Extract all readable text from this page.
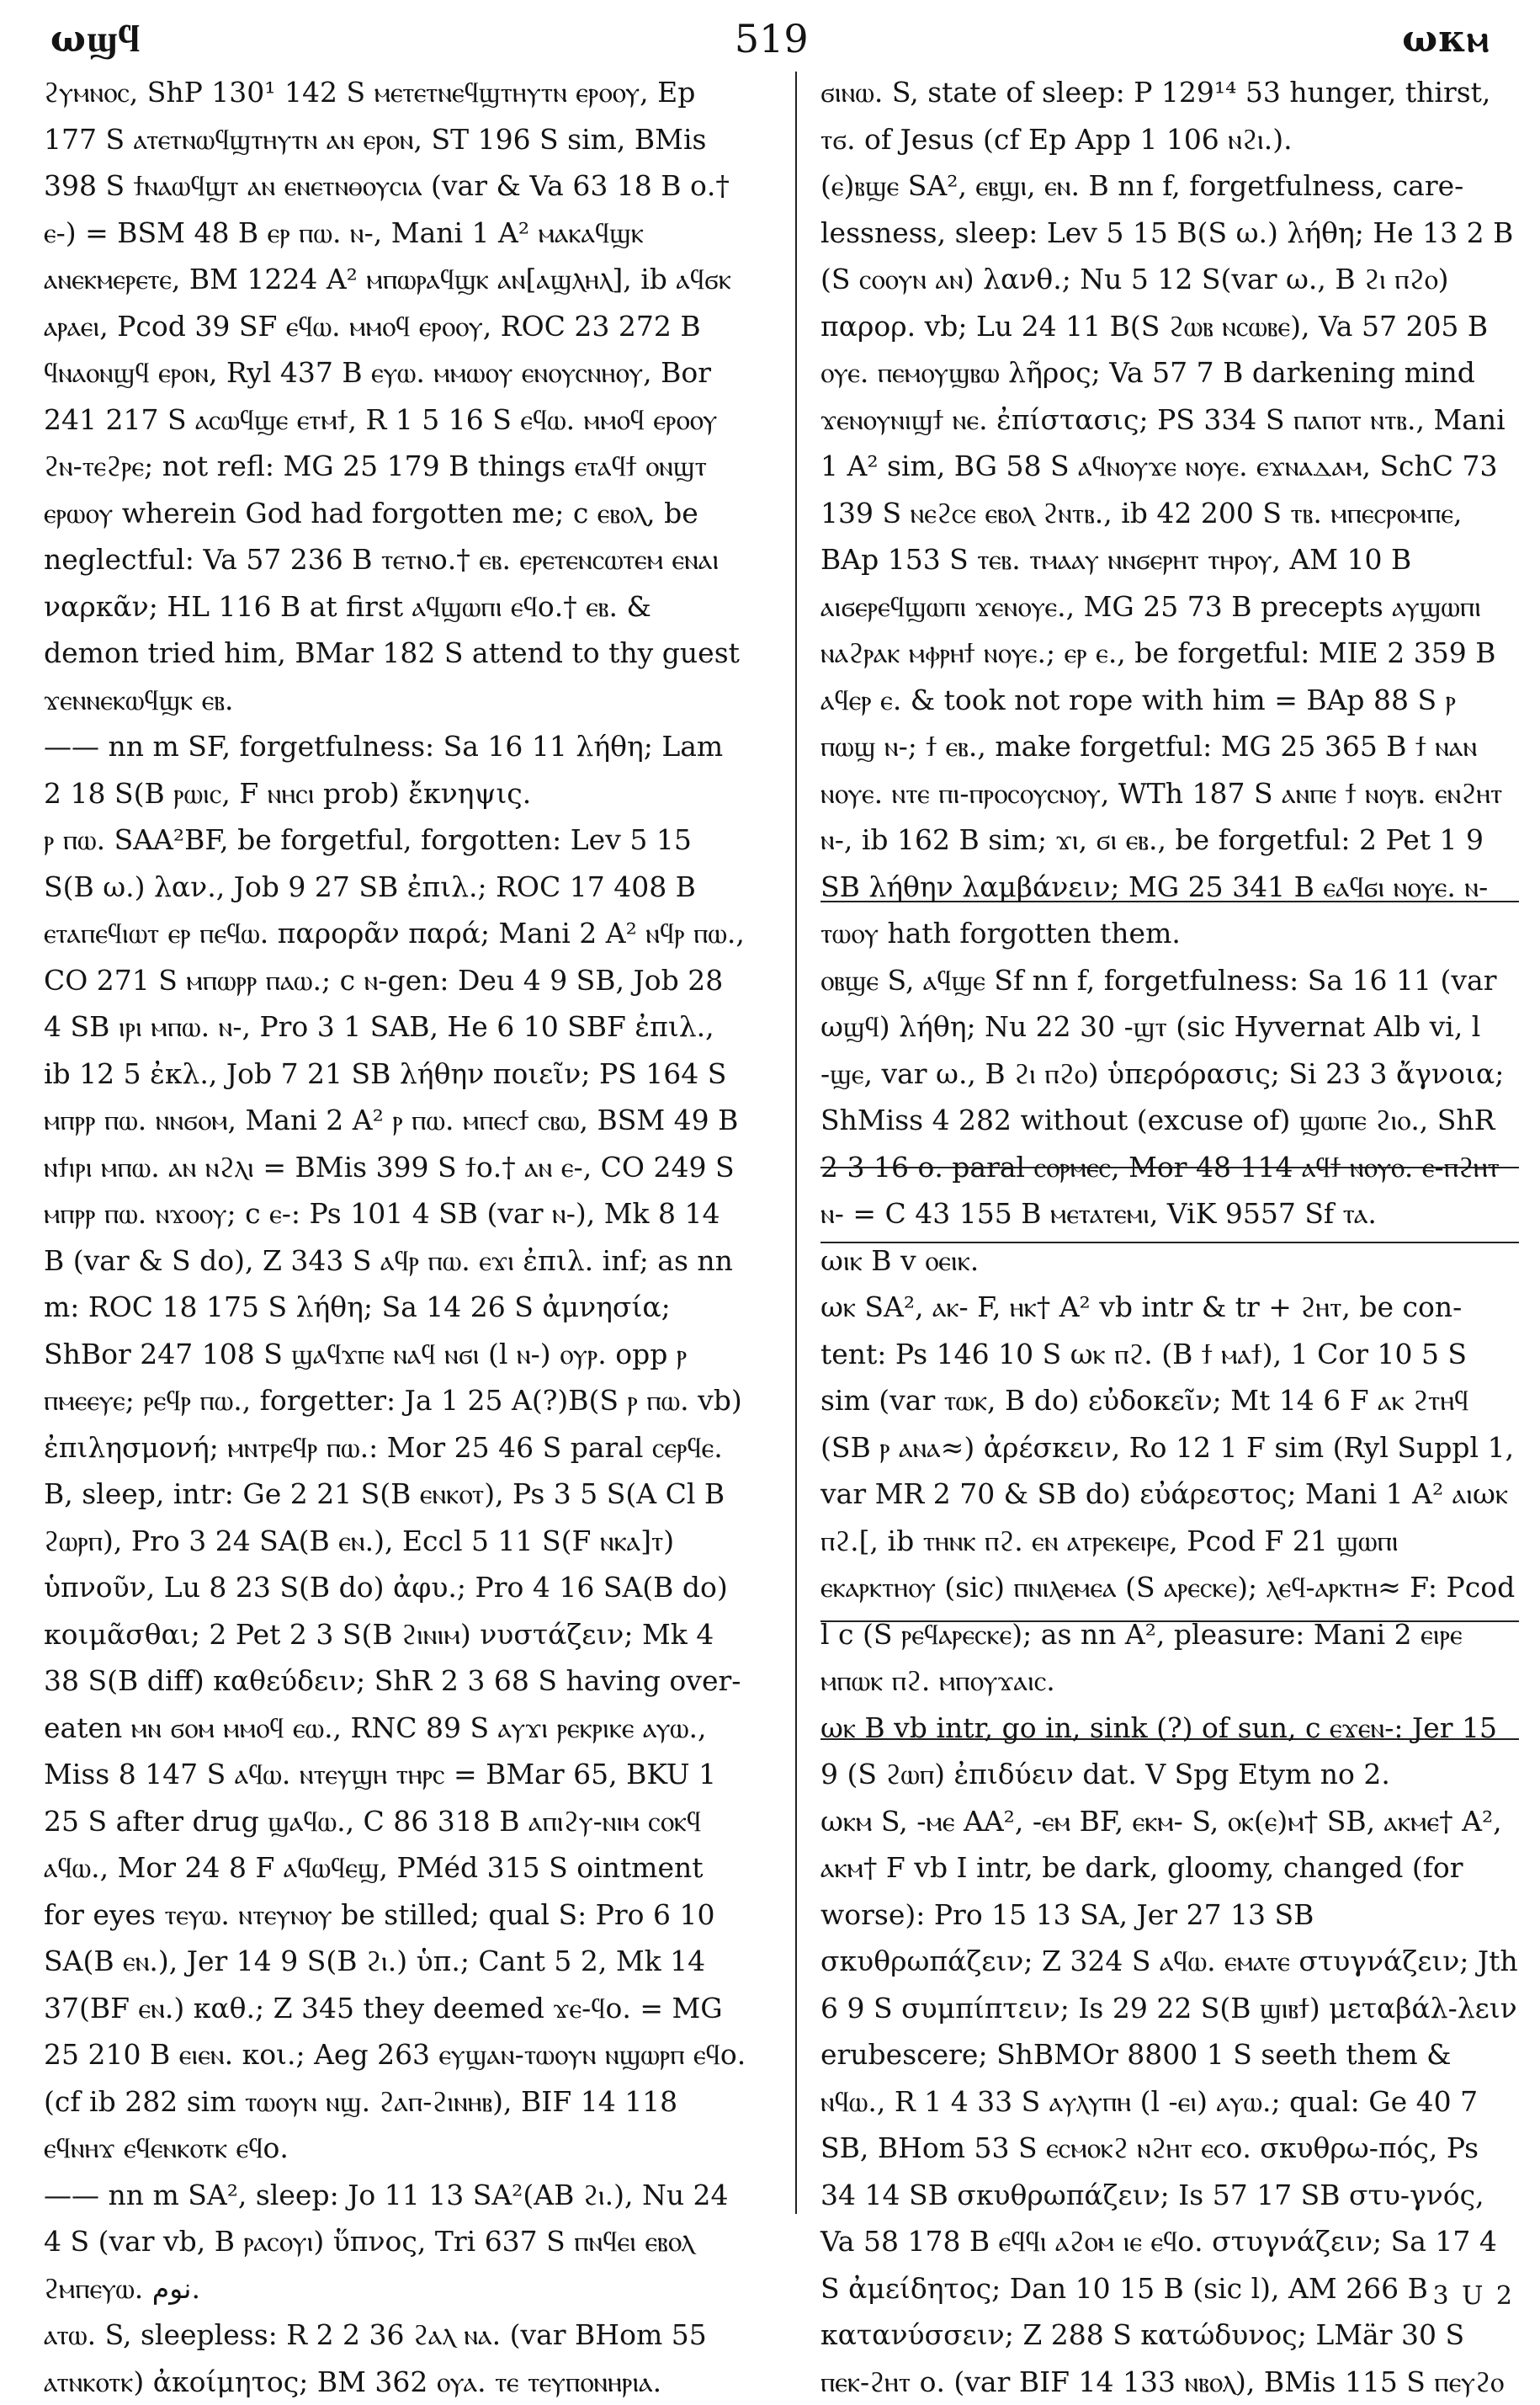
ωϣϥ	519	ωκⲙ
ϩⲩⲙⲛⲟⲥ, ShP 130¹ 142 S ⲙⲉⲧⲉⲧⲛⲉϥϣⲧⲏⲩⲧⲛ ⲉⲣⲟⲟⲩ, Ep 177 S ⲁⲧⲉⲧⲛⲱϥϣⲧⲏⲩⲧⲛ ⲁⲛ ⲉⲣⲟⲛ, ST 196 S sim, BMis 398 S ϯⲛⲁⲱϥϣⲧ ⲁⲛ ⲉⲛⲉⲧⲛⲑⲟⲩⲥⲓⲁ (var & Va 63 18 B ο.† ⲉ-) = BSM 48 B ⲉⲣ ⲡⲱ. ⲛ-, Mani 1 A² ⲙⲁⲕⲁϥϣⲕ ⲁⲛⲉⲕⲙⲉⲣⲉⲧⲉ, BM 1224 A² ⲙⲡⲱⲣⲁϥϣⲕ ⲁⲛ[ⲁϣⲗⲏⲗ], ib ⲁϥϭⲕ ⲁⲣⲁⲉⲓ, Pcod 39 SF ⲉϥⲱ. ⲙⲙⲟϥ ⲉⲣⲟⲟⲩ, ROC 23 272 B ϥⲛⲁⲟⲛϣϥ ⲉⲣⲟⲛ, Ryl 437 B ⲉⲩⲱ. ⲙⲙⲱⲟⲩ ⲉⲛⲟⲩⲥⲛⲏⲟⲩ, Bor 241 217 S ⲁⲥⲱϥϣⲉ ⲉⲧⲙϯ, R 1 5 16 S ⲉϥⲱ. ⲙⲙⲟϥ ⲉⲣⲟⲟⲩ ϩⲛ-ⲧⲉϩⲣⲉ; not refl: MG 25 179 B things ⲉⲧⲁϥϯ ⲟⲛϣⲧ ⲉⲣⲱⲟⲩ wherein God had forgotten me; c ⲉⲃⲟⲗ, be neglectful: Va 57 236 B ⲧⲉⲧⲛο.† ⲉⲃ. ⲉⲣⲉⲧⲉⲛⲥⲱⲧⲉⲙ ⲉⲛⲁⲓ ναρκᾶν; HL 116 B at first ⲁϥϣⲱⲡⲓ ⲉϥο.† ⲉⲃ. & demon tried him, BMar 182 S attend to thy guest ϫⲉⲛⲛⲉⲕⲱϥϣⲕ ⲉⲃ.
—— nn m SF, forgetfulness: Sa 16 11 λήθη; Lam 2 18 S(B ⲣⲱⲓⲥ, F ⲛⲏⲥⲓ prob) ἔκνηψις.
ⲣ ⲡⲱ. SAA²BF, be forgetful, forgotten: Lev 5 15 S(B ω.) λαν., Job 9 27 SB ἐπιλ.; ROC 17 408 B ⲉⲧⲁⲡⲉϥⲓⲱⲧ ⲉⲣ ⲡⲉϥⲱ. παρορᾶν παρά; Mani 2 A² ⲛϥⲣ ⲡⲱ., CO 271 S ⲙⲡⲱⲣⲣ ⲡⲁⲱ.; c ⲛ-gen: Deu 4 9 SB, Job 28 4 SB ⲓⲣⲓ ⲙⲡⲱ. ⲛ-, Pro 3 1 SAB, He 6 10 SBF ἐπιλ., ib 12 5 ἐκλ., Job 7 21 SB λήθην ποιεῖν; PS 164 S ⲙⲡⲣⲣ ⲡⲱ. ⲛⲛϭⲟⲙ, Mani 2 A² ⲣ ⲡⲱ. ⲙⲡⲉⲥϯ ⲥⲃⲱ, BSM 49 B ⲛϯⲓⲣⲓ ⲙⲡⲱ. ⲁⲛ ⲛϩⲗⲓ = BMis 399 S ϯο.† ⲁⲛ ⲉ-, CO 249 S ⲙⲡⲣⲣ ⲡⲱ. ⲛϫⲟⲟⲩ; c ⲉ-: Ps 101 4 SB (var ⲛ-), Mk 8 14 B (var & S do), Z 343 S ⲁϥⲣ ⲡⲱ. ⲉϫⲓ ἐπιλ. inf; as nn m: ROC 18 175 S λήθη; Sa 14 26 S ἀμνησία; ShBor 247 108 S ϣⲁϥϫⲡⲉ ⲛⲁϥ ⲛϭⲓ (l ⲛ-) ⲟⲩⲣ. opp ⲣ ⲡⲙⲉⲉⲩⲉ; ⲣⲉϥⲣ ⲡⲱ., forgetter: Ja 1 25 A(?)B(S ⲣ ⲡⲱ. vb) ἐπιλησμονή; ⲙⲛⲧⲣⲉϥⲣ ⲡⲱ.: Mor 25 46 S paral ⲥⲉⲣϥⲉ.
B, sleep, intr: Ge 2 21 S(B ⲉⲛⲕⲟⲧ), Ps 3 5 S(A Cl B ϩⲱⲣⲡ), Pro 3 24 SA(B ⲉⲛ.), Eccl 5 11 S(F ⲛⲕⲁ]ⲧ) ὑπνοῦν, Lu 8 23 S(B do) ἀφυ.; Pro 4 16 SA(B do) κοιμᾶσθαι; 2 Pet 2 3 S(B ϩⲓⲛⲓⲙ) νυστάζειν; Mk 4 38 S(B diff) καθεύδειν; ShR 2 3 68 S having over-eaten ⲙⲛ ϭⲟⲙ ⲙⲙⲟϥ ⲉⲱ., RNC 89 S ⲁⲩϫⲓ ⲣⲉⲕⲣⲓⲕⲉ ⲁⲩⲱ., Miss 8 147 S ⲁϥⲱ. ⲛⲧⲉⲩϣⲏ ⲧⲏⲣⲥ = BMar 65, BKU 1 25 S after drug ϣⲁϥⲱ., C 86 318 B ⲁⲡⲓϩⲩ-ⲛⲓⲙ ⲥⲟⲕϥ ⲁϥⲱ., Mor 24 8 F ⲁϥⲱϥⲉϣ, PMéd 315 S ointment for eyes ⲧⲉⲩⲱ. ⲛⲧⲉⲩⲛⲟⲩ be stilled; qual S: Pro 6 10 SA(B ⲉⲛ.), Jer 14 9 S(B ϩⲓ.) ὑπ.; Cant 5 2, Mk 14 37(BF ⲉⲛ.) καθ.; Z 345 they deemed ϫⲉ-ϥο. = MG 25 210 B ⲉⲓⲉⲛ. κοι.; Aeg 263 ⲉⲩϣⲁⲛ-ⲧⲱⲟⲩⲛ ⲛϣⲱⲣⲡ ⲉϥο. (cf ib 282 sim ⲧⲱⲟⲩⲛ ⲛϣ. ϩⲁⲡ-ϩⲓⲛⲏⲃ), BIF 14 118 ⲉϥⲛⲏϫ ⲉϥⲉⲛⲕⲟⲧⲕ ⲉϥο.
—— nn m SA², sleep: Jo 11 13 SA²(AB ϩⲓ.), Nu 24 4 S (var vb, B ⲣⲁⲥⲟⲩⲓ) ὕπνος, Tri 637 S ⲡⲛϥⲉⲓ ⲉⲃⲟⲗ ϩⲙⲡⲉⲩⲱ. نوم.
ⲁⲧⲱ. S, sleepless: R 2 2 36 ϩⲁⲗ ⲛⲁ. (var BHom 55 ⲁⲧⲛⲕⲟⲧⲕ) ἀκοίμητος; BM 362 ⲟⲩⲁ. ⲧⲉ ⲧⲉⲩⲡⲟⲛⲏⲣⲓⲁ.
ϭⲓⲛⲱ. S, state of sleep: P 129¹⁴ 53 hunger, thirst, ⲧϭ. of Jesus (cf Ep App 1 106 ⲛϩⲓ.).
(ⲉ)ⲃϣⲉ SA², ⲉⲃϣⲓ, ⲉⲛ. B nn f, forgetfulness, care-lessness, sleep: Lev 5 15 B(S ω.) λήθη; He 13 2 B (S ⲥⲟⲟⲩⲛ ⲁⲛ) λανθ.; Nu 5 12 S(var ω., B ϩⲓ ⲡϩⲟ) παρορ. vb; Lu 24 11 B(S ϩⲱⲃ ⲛⲥⲱⲃⲉ), Va 57 205 B ⲟⲩⲉ. ⲡⲉⲙⲟⲩϣⲃⲱ λῆρος; Va 57 7 B darkening mind ϫⲉⲛⲟⲩⲛⲓϣϯ ⲛⲉ. ἐπίστασις; PS 334 S ⲡⲁⲡⲟⲧ ⲛⲧⲃ., Mani 1 A² sim, BG 58 S ⲁϥⲛⲟⲩϫⲉ ⲛⲟⲩⲉ. ⲉϫⲛⲁⲇⲁⲙ, SchC 73 139 S ⲛⲉϩⲥⲉ ⲉⲃⲟⲗ ϩⲛⲧⲃ., ib 42 200 S ⲧⲃ. ⲙⲡⲉⲥⲣⲟⲙⲡⲉ, BAp 153 S ⲧⲉⲃ. ⲧⲙⲁⲁⲩ ⲛⲛϭⲉⲣⲏⲧ ⲧⲏⲣⲟⲩ, AM 10 B ⲁⲓϭⲉⲣⲉϥϣⲱⲡⲓ ϫⲉⲛⲟⲩⲉ., MG 25 73 B precepts ⲁⲩϣⲱⲡⲓ ⲛⲁϩⲣⲁⲕ ⲙⲫⲣⲏϯ ⲛⲟⲩⲉ.; ⲉⲣ ⲉ., be forgetful: MIE 2 359 B ⲁϥⲉⲣ ⲉ. & took not rope with him = BAp 88 S ⲣ ⲡⲱϣ ⲛ-; ϯ ⲉⲃ., make forgetful: MG 25 365 B ϯ ⲛⲁⲛ ⲛⲟⲩⲉ. ⲛⲧⲉ ⲡⲓ-ⲡⲣⲟⲥⲟⲩⲥⲛⲟⲩ, WTh 187 S ⲁⲛⲡⲉ ϯ ⲛⲟⲩⲃ. ⲉⲛϩⲏⲧ ⲛ-, ib 162 B sim; ϫⲓ, ϭⲓ ⲉⲃ., be forgetful: 2 Pet 1 9 SB λήθην λαμβάνειν; MG 25 341 B ⲉⲁϥϭⲓ ⲛⲟⲩⲉ. ⲛ-ⲧⲱⲟⲩ hath forgotten them.
ⲟⲃϣⲉ S, ⲁϥϣⲉ Sf nn f, forgetfulness: Sa 16 11 (var ωϣϥ) λήθη; Nu 22 30 -ϣⲧ (sic Hyvernat Alb vi, l -ϣⲉ, var ω., B ϩⲓ ⲡϩⲟ) ὑπερόρασις; Si 23 3 ἄγνοια; ShMiss 4 282 without (excuse of) ϣⲱⲡⲉ ϩⲓⲟ., ShR 2 3 16 ο. paral ⲥⲟⲣⲙⲉⲥ, Mor 48 114 ⲁϥϯ ⲛⲟⲩⲟ. ⲉ-ⲡϩⲏⲧ ⲛ- = C 43 155 B ⲙⲉⲧⲁⲧⲉⲙⲓ, ViK 9557 Sf ⲧⲁ.
ωⲓⲕ B v ⲟⲉⲓⲕ.
ωⲕ SA², ⲁⲕ- F, ⲏⲕ† A² vb intr & tr + ϩⲏⲧ, be con-tent: Ps 146 10 S ωⲕ ⲡϩ. (B ϯ ⲙⲁϯ), 1 Cor 10 5 S sim (var ⲧⲱⲕ, B do) εὐδοκεῖν; Mt 14 6 F ⲁⲕ ϩⲧⲏϥ (SB ⲣ ⲁⲛⲁ≈) ἀρέσκειν, Ro 12 1 F sim (Ryl Suppl 1, var MR 2 70 & SB do) εὐάρεστος; Mani 1 A² ⲁⲓωⲕ ⲡϩ.[, ib ⲧⲏⲛⲕ ⲡϩ. ⲉⲛ ⲁⲧⲣⲉⲕⲉⲓⲣⲉ, Pcod F 21 ϣⲱⲡⲓ ⲉⲕⲁⲣⲕⲧⲏⲟⲩ (sic) ⲡⲛⲓⲗⲉⲙⲉⲁ (S ⲁⲣⲉⲥⲕⲉ); ⲗⲉϥ-ⲁⲣⲕⲧⲏ≈ F: Pcod l c (S ⲣⲉϥⲁⲣⲉⲥⲕⲉ); as nn A², pleasure: Mani 2 ⲉⲓⲣⲉ ⲙⲡⲱⲕ ⲡϩ. ⲙⲡⲟⲩϫⲁⲓⲥ.
ωⲕ B vb intr, go in, sink (?) of sun, c ⲉϫⲉⲛ-: Jer 15 9 (S ϩⲱⲡ) ἐπιδύειν dat. V Spg Etym no 2.
ωⲕⲙ S, -ⲙⲉ AA², -ⲉⲙ BF, ⲉⲕⲙ- S, ⲟⲕ(ⲉ)ⲙ† SB, ⲁⲕⲙⲉ† A², ⲁⲕⲙ† F vb I intr, be dark, gloomy, changed (for worse): Pro 15 13 SA, Jer 27 13 SB σκυθρωπάζειν; Z 324 S ⲁϥⲱ. ⲉⲙⲁⲧⲉ στυγνάζειν; Jth 6 9 S συμπίπτειν; Is 29 22 S(B ϣⲓⲃϯ) μεταβάλ-λειν erubescere; ShBMOr 8800 1 S seeth them & ⲛϥⲱ., R 1 4 33 S ⲁⲩⲗⲩⲡⲏ (l -ⲉⲓ) ⲁⲩⲱ.; qual: Ge 40 7 SB, BHom 53 S ⲉⲥⲙⲟⲕϩ ⲛϩⲏⲧ ⲉⲥο. σκυθρω-πός, Ps 34 14 SB σκυθρωπάζειν; Is 57 17 SB στυ-γνός, Va 58 178 B ⲉϥϥⲓ ⲁϩⲟⲙ ⲓⲉ ⲉϥο. στυγνάζειν; Sa 17 4 S ἀμείδητος; Dan 10 15 B (sic l), AM 266 B κατανύσσειν; Z 288 S κατώδυνος; LMär 30 S ⲡⲉⲕ-ϩⲏⲧ ο. (var BIF 14 133 ⲛⲃⲟⲗ), BMis 115 S ⲡⲉⲩϩⲟ
3 U 2
